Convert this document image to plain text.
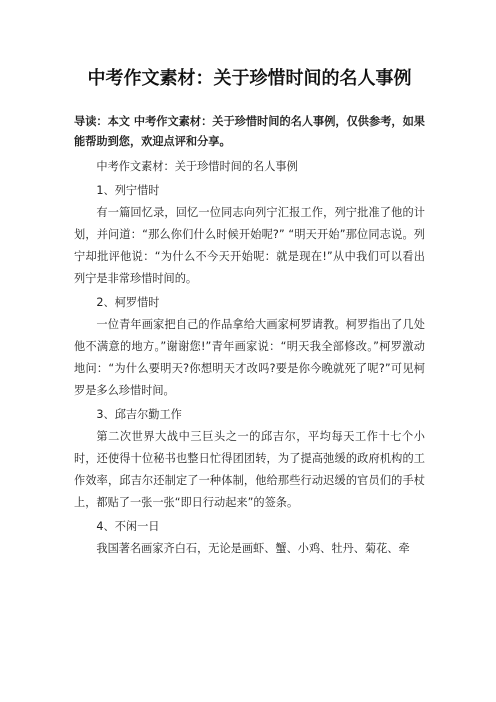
中考作文素材：关于珍惜时间的名人事例

导读：本文 中考作文素材：关于珍惜时间的名人事例，仅供参考，如果能帮助到您，欢迎点评和分享。

中考作文素材：关于珍惜时间的名人事例

1、列宁惜时

有一篇回忆录，回忆一位同志向列宁汇报工作，列宁批准了他的计划，并问道：“那么你们什么时候开始呢?” “明天开始”那位同志说。列宁却批评他说：“为什么不今天开始呢：就是现在!”从中我们可以看出列宁是非常珍惜时间的。

2、柯罗惜时

一位青年画家把自己的作品拿给大画家柯罗请教。柯罗指出了几处他不满意的地方。”谢谢您!”青年画家说：“明天我全部修改。”柯罗激动地问：“为什么要明天?你想明天才改吗?要是你今晚就死了呢?”可见柯罗是多么珍惜时间。

3、邱吉尔勤工作

第二次世界大战中三巨头之一的邱吉尔，平均每天工作十七个小时，还使得十位秘书也整日忙得团团转，为了提高弛缓的政府机构的工作效率，邱吉尔还制定了一种体制，他给那些行动迟缓的官员们的手杖上，都贴了一张一张“即日行动起来”的签条。

4、不闲一日

我国著名画家齐白石，无论是画虾、蟹、小鸡、牡丹、菊花、牵
